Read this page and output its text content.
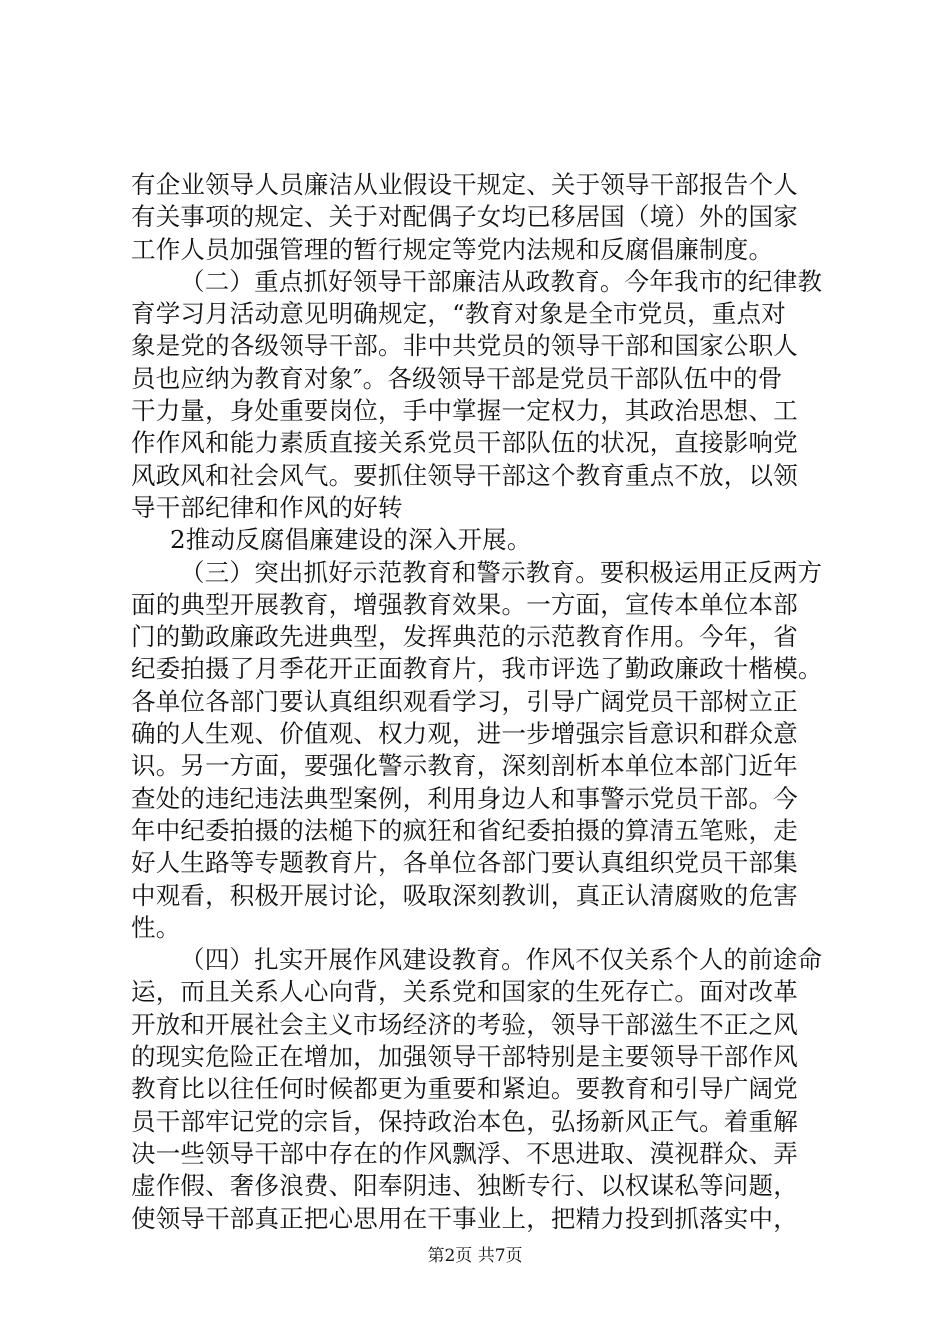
有企业领导人员廉洁从业假设干规定、关于领导干部报告个人
有关事项的规定、关于对配偶子女均已移居国（境）外的国家
工作人员加强管理的暂行规定等党内法规和反腐倡廉制度。
（二）重点抓好领导干部廉洁从政教育。今年我市的纪律教
育学习月活动意见明确规定，“教育对象是全市党员，重点对
象是党的各级领导干部。非中共党员的领导干部和国家公职人
员也应纳为教育对象″。各级领导干部是党员干部队伍中的骨
干力量，身处重要岗位，手中掌握一定权力，其政治思想、工
作作风和能力素质直接关系党员干部队伍的状况，直接影响党
风政风和社会风气。要抓住领导干部这个教育重点不放，以领
导干部纪律和作风的好转
2推动反腐倡廉建设的深入开展。
（三）突出抓好示范教育和警示教育。要积极运用正反两方
面的典型开展教育，增强教育效果。一方面，宣传本单位本部
门的勤政廉政先进典型，发挥典范的示范教育作用。今年，省
纪委拍摄了月季花开正面教育片，我市评选了勤政廉政十楷模。
各单位各部门要认真组织观看学习，引导广阔党员干部树立正
确的人生观、价值观、权力观，进一步增强宗旨意识和群众意
识。另一方面，要强化警示教育，深刻剖析本单位本部门近年
查处的违纪违法典型案例，利用身边人和事警示党员干部。今
年中纪委拍摄的法槌下的疯狂和省纪委拍摄的算清五笔账，走
好人生路等专题教育片，各单位各部门要认真组织党员干部集
中观看，积极开展讨论，吸取深刻教训，真正认清腐败的危害
性。
（四）扎实开展作风建设教育。作风不仅关系个人的前途命
运，而且关系人心向背，关系党和国家的生死存亡。面对改革
开放和开展社会主义市场经济的考验，领导干部滋生不正之风
的现实危险正在增加，加强领导干部特别是主要领导干部作风
教育比以往任何时候都更为重要和紧迫。要教育和引导广阔党
员干部牢记党的宗旨，保持政治本色，弘扬新风正气。着重解
决一些领导干部中存在的作风飘浮、不思进取、漠视群众、弄
虚作假、奢侈浪费、阳奉阴违、独断专行、以权谋私等问题，
使领导干部真正把心思用在干事业上，把精力投到抓落实中，
第2页 共7页
